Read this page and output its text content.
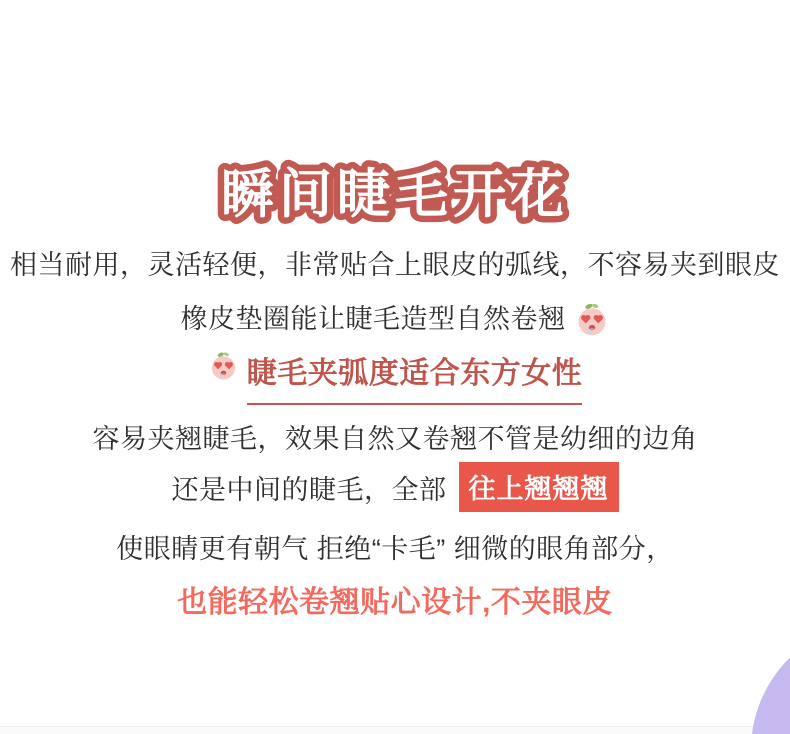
瞬间睫毛开花

相当耐用，灵活轻便，非常贴合上眼皮的弧线，不容易夹到眼皮

橡皮垫圈能让睫毛造型自然卷翘

睫毛夹弧度适合东方女性

容易夹翘睫毛，效果自然又卷翘不管是幼细的边角

还是中间的睫毛，全部 往上翘翘翘

使眼睛更有朝气 拒绝“卡毛” 细微的眼角部分，

也能轻松卷翘贴心设计,不夹眼皮
